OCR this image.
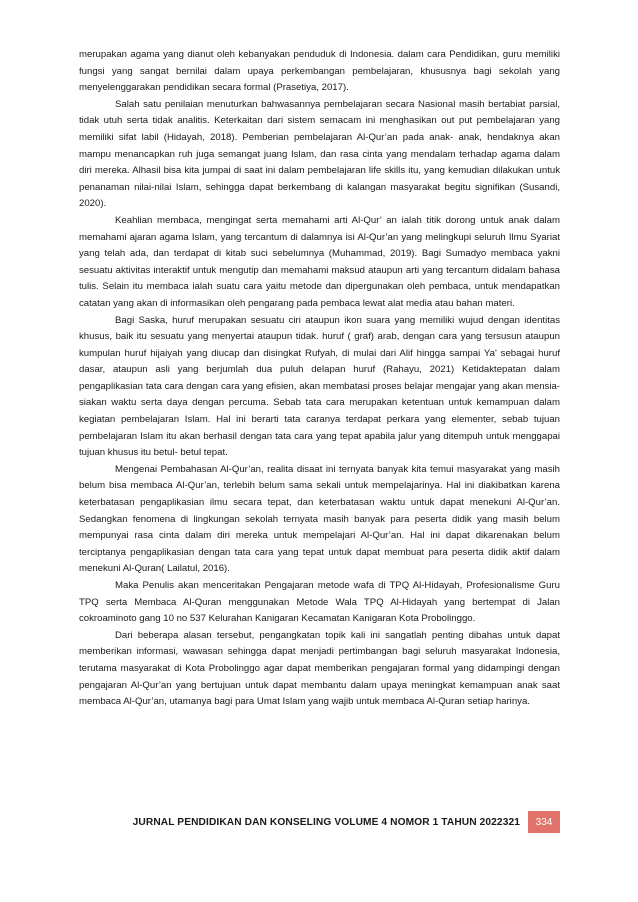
merupakan agama yang dianut oleh kebanyakan penduduk di Indonesia. dalam cara Pendidikan, guru memiliki fungsi yang sangat bernilai dalam upaya perkembangan pembelajaran, khususnya bagi sekolah yang menyelenggarakan pendidikan secara formal (Prasetiya, 2017).

Salah satu penilaian menuturkan bahwasannya pembelajaran secara Nasional masih bertabiat parsial, tidak utuh serta tidak analitis. Keterkaitan dari sistem semacam ini menghasikan out put pembelajaran yang memiliki sifat labil (Hidayah, 2018). Pemberian pembelajaran Al-Qur’an pada anak- anak, hendaknya akan mampu menancapkan ruh juga semangat juang Islam, dan rasa cinta yang mendalam terhadap agama dalam diri mereka. Alhasil bisa kita jumpai di saat ini dalam pembelajaran life skills itu, yang kemudian dilakukan untuk penanaman nilai-nilai Islam, sehingga dapat berkembang di kalangan masyarakat begitu signifikan (Susandi, 2020).

Keahlian membaca, mengingat serta memahami arti Al-Qur’ an ialah titik dorong untuk anak dalam memahami ajaran agama Islam, yang tercantum di dalamnya isi Al-Qur’an yang melingkupi seluruh Ilmu Syariat yang telah ada, dan terdapat di kitab suci sebelumnya (Muhammad, 2019). Bagi Sumadyo membaca yakni sesuatu aktivitas interaktif untuk mengutip dan memahami maksud ataupun arti yang tercantum didalam bahasa tulis. Selain itu membaca ialah suatu cara yaitu metode dan dipergunakan oleh pembaca, untuk mendapatkan catatan yang akan di informasikan oleh pengarang pada pembaca lewat alat media atau bahan materi.

Bagi Saska, huruf merupakan sesuatu ciri ataupun ikon suara yang memiliki wujud dengan identitas khusus, baik itu sesuatu yang menyertai ataupun tidak. huruf ( graf) arab, dengan cara yang tersusun ataupun kumpulan huruf hijaiyah yang diucap dan disingkat Rufyah, di mulai dari Alif hingga sampai Ya' sebagai huruf dasar, ataupun asli yang berjumlah dua puluh delapan huruf (Rahayu, 2021) Ketidaktepatan dalam pengaplikasian tata cara dengan cara yang efisien, akan membatasi proses belajar mengajar yang akan mensia-siakan waktu serta daya dengan percuma. Sebab tata cara merupakan ketentuan untuk kemampuan dalam kegiatan pembelajaran Islam. Hal ini berarti tata caranya terdapat perkara yang elementer, sebab tujuan pembelajaran Islam itu akan berhasil dengan tata cara yang tepat apabila jalur yang ditempuh untuk menggapai tujuan khusus itu betul- betul tepat.

Mengenai Pembahasan Al-Qur’an, realita disaat ini ternyata banyak kita temui masyarakat yang masih belum bisa membaca Al-Qur’an, terlebih belum sama sekali untuk mempelajarinya. Hal ini diakibatkan karena keterbatasan pengaplikasian ilmu secara tepat, dan keterbatasan waktu untuk dapat menekuni Al-Qur’an. Sedangkan fenomena di lingkungan sekolah ternyata masih banyak para peserta didik yang masih belum mempunyai rasa cinta dalam diri mereka untuk mempelajari Al-Qur’an. Hal ini dapat dikarenakan belum terciptanya pengaplikasian dengan tata cara yang tepat untuk dapat membuat para peserta didik aktif dalam menekuni Al-Quran( Lailatul, 2016).

Maka Penulis akan menceritakan Pengajaran metode wafa di TPQ Al-Hidayah, Profesionalisme Guru TPQ serta Membaca Al-Quran menggunakan Metode Wala TPQ Al-Hidayah yang bertempat di Jalan cokroaminoto gang 10 no 537 Kelurahan Kanigaran Kecamatan Kanigaran Kota Probolinggo.

Dari beberapa alasan tersebut, pengangkatan topik kali ini sangatlah penting dibahas untuk dapat memberikan informasi, wawasan sehingga dapat menjadi pertimbangan bagi seluruh masyarakat Indonesia, terutama masyarakat di Kota Probolinggo agar dapat memberikan pengajaran formal yang didampingi dengan pengajaran Al-Qur’an yang bertujuan untuk dapat membantu dalam upaya meningkat kemampuan anak saat membaca Al-Qur’an, utamanya bagi para Umat Islam yang wajib untuk membaca Al-Quran setiap harinya.

JURNAL PENDIDIKAN DAN KONSELING VOLUME 4 NOMOR 1 TAHUN 2022321	334
